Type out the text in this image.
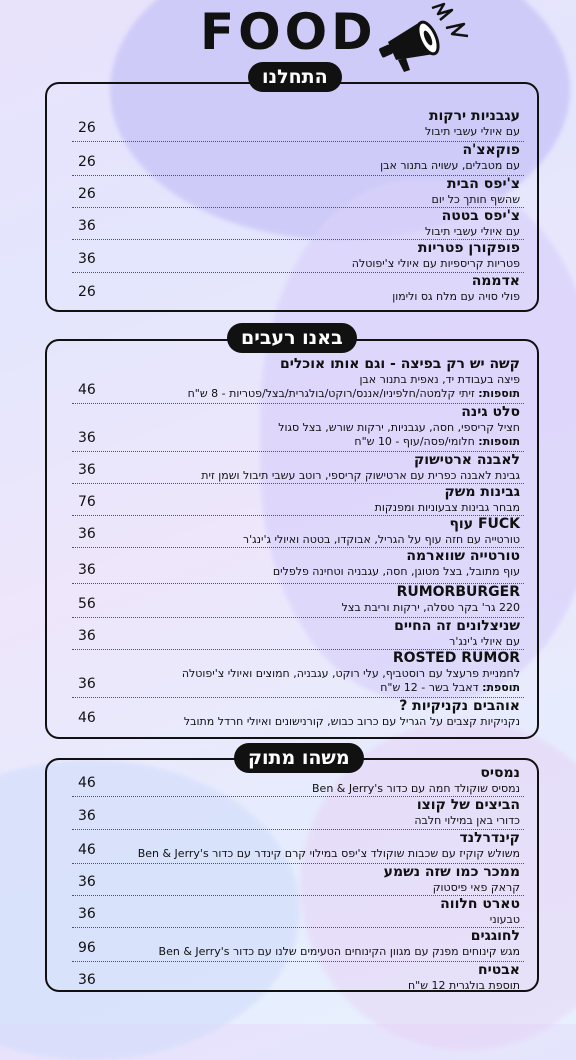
FOOD
התחלנו
באנו רעבים
משהו מתוק
עגבניות ירקות
עם איולי עשבי תיבול
26
פוקאצ'ה
עם מטבלים, עשויה בתנור אבן
26
צ'יפס הבית
שהשף חותך כל יום
26
צ'יפס בטטה
עם איולי עשבי תיבול
36
פופקורן פטריות
פטריות קריספיות עם איולי צ'יפוטלה
36
אדממה
פולי סויה עם מלח גס ולימון
26
קשה יש רק בפיצה - וגם אותו אוכלים
פיצה בעבודת יד, נאפית בתנור אבן
תוספות: זיתי קלמטה/חלפיניו/אננס/רוקט/בולגרית/בצל/פטריות - 8 ש"ח
46
סלט גינה
חציל קריספי, חסה, עגבניות, ירקות שורש, בצל סגול
תוספות: חלומי/פסה/עוף - 10 ש"ח
36
לאבנה ארטישוק
גבינת לאבנה כפרית עם ארטישוק קריספי, רוטב עשבי תיבול ושמן זית
36
גבינות משק
מבחר גבינות צבעוניות ומפנקות
76
FUCK עוף
טורטייה עם חזה עוף על הגריל, אבוקדו, בטטה ואיולי ג'ינג'ר
36
טורטייה שווארמה
עוף מתובל, בצל מטוגן, חסה, עגבניה וטחינה פלפלים
36
RUMORBURGER
220 גר' בקר טסלה, ירקות וריבת בצל
56
שניצלונים זה החיים
עם איולי ג'ינג'ר
36
ROSTED RUMOR
לחמניית פרעצל עם רוסטביף, עלי רוקט, עגבניה, חמוצים ואיולי צ'יפוטלה
תוספת: דאבל בשר - 12 ש"ח
36
אוהבים נקניקיות ?
נקניקיות קצבים על הגריל עם כרוב כבוש, קורנישונים ואיולי חרדל מתובל
46
נמסיס
נמסיס שוקולד חמה עם כדור Ben & Jerry's
46
הביצים של קוצו
כדורי באן במילוי חלבה
36
קינדרלנד
משולש קוקיז עם שכבות שוקולד צ'יפס במילוי קרם קינדר עם כדור Ben & Jerry's
46
ממכר כמו שזה נשמע
קראק פאי פיסטוק
36
טארט חלווה
טבעוני
36
לחוגגים
מגש קינוחים מפנק עם מגוון הקינוחים הטעימים שלנו עם כדור Ben & Jerry's
96
אבטיח
תוספת בולגרית 12 ש"ח
36
